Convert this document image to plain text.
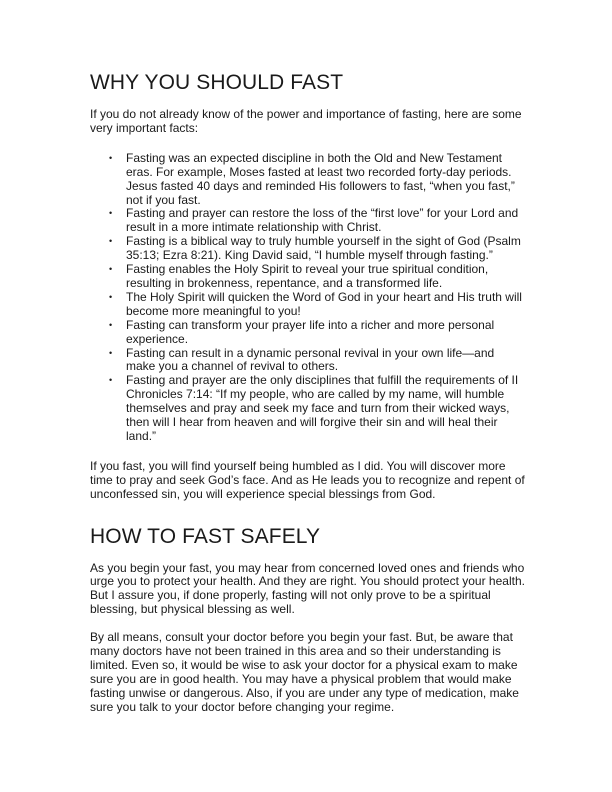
WHY YOU SHOULD FAST

If you do not already know of the power and importance of fasting, here are some very important facts:

• Fasting was an expected discipline in both the Old and New Testament eras. For example, Moses fasted at least two recorded forty-day periods. Jesus fasted 40 days and reminded His followers to fast, “when you fast,” not if you fast.
• Fasting and prayer can restore the loss of the “first love” for your Lord and result in a more intimate relationship with Christ.
• Fasting is a biblical way to truly humble yourself in the sight of God (Psalm 35:13; Ezra 8:21). King David said, “I humble myself through fasting.”
• Fasting enables the Holy Spirit to reveal your true spiritual condition, resulting in brokenness, repentance, and a transformed life.
• The Holy Spirit will quicken the Word of God in your heart and His truth will become more meaningful to you!
• Fasting can transform your prayer life into a richer and more personal experience.
• Fasting can result in a dynamic personal revival in your own life—and make you a channel of revival to others.
• Fasting and prayer are the only disciplines that fulfill the requirements of II Chronicles 7:14: “If my people, who are called by my name, will humble themselves and pray and seek my face and turn from their wicked ways, then will I hear from heaven and will forgive their sin and will heal their land.”

If you fast, you will find yourself being humbled as I did. You will discover more time to pray and seek God’s face. And as He leads you to recognize and repent of unconfessed sin, you will experience special blessings from God.

HOW TO FAST SAFELY

As you begin your fast, you may hear from concerned loved ones and friends who urge you to protect your health. And they are right. You should protect your health. But I assure you, if done properly, fasting will not only prove to be a spiritual blessing, but physical blessing as well.

By all means, consult your doctor before you begin your fast. But, be aware that many doctors have not been trained in this area and so their understanding is limited. Even so, it would be wise to ask your doctor for a physical exam to make sure you are in good health. You may have a physical problem that would make fasting unwise or dangerous. Also, if you are under any type of medication, make sure you talk to your doctor before changing your regime.
